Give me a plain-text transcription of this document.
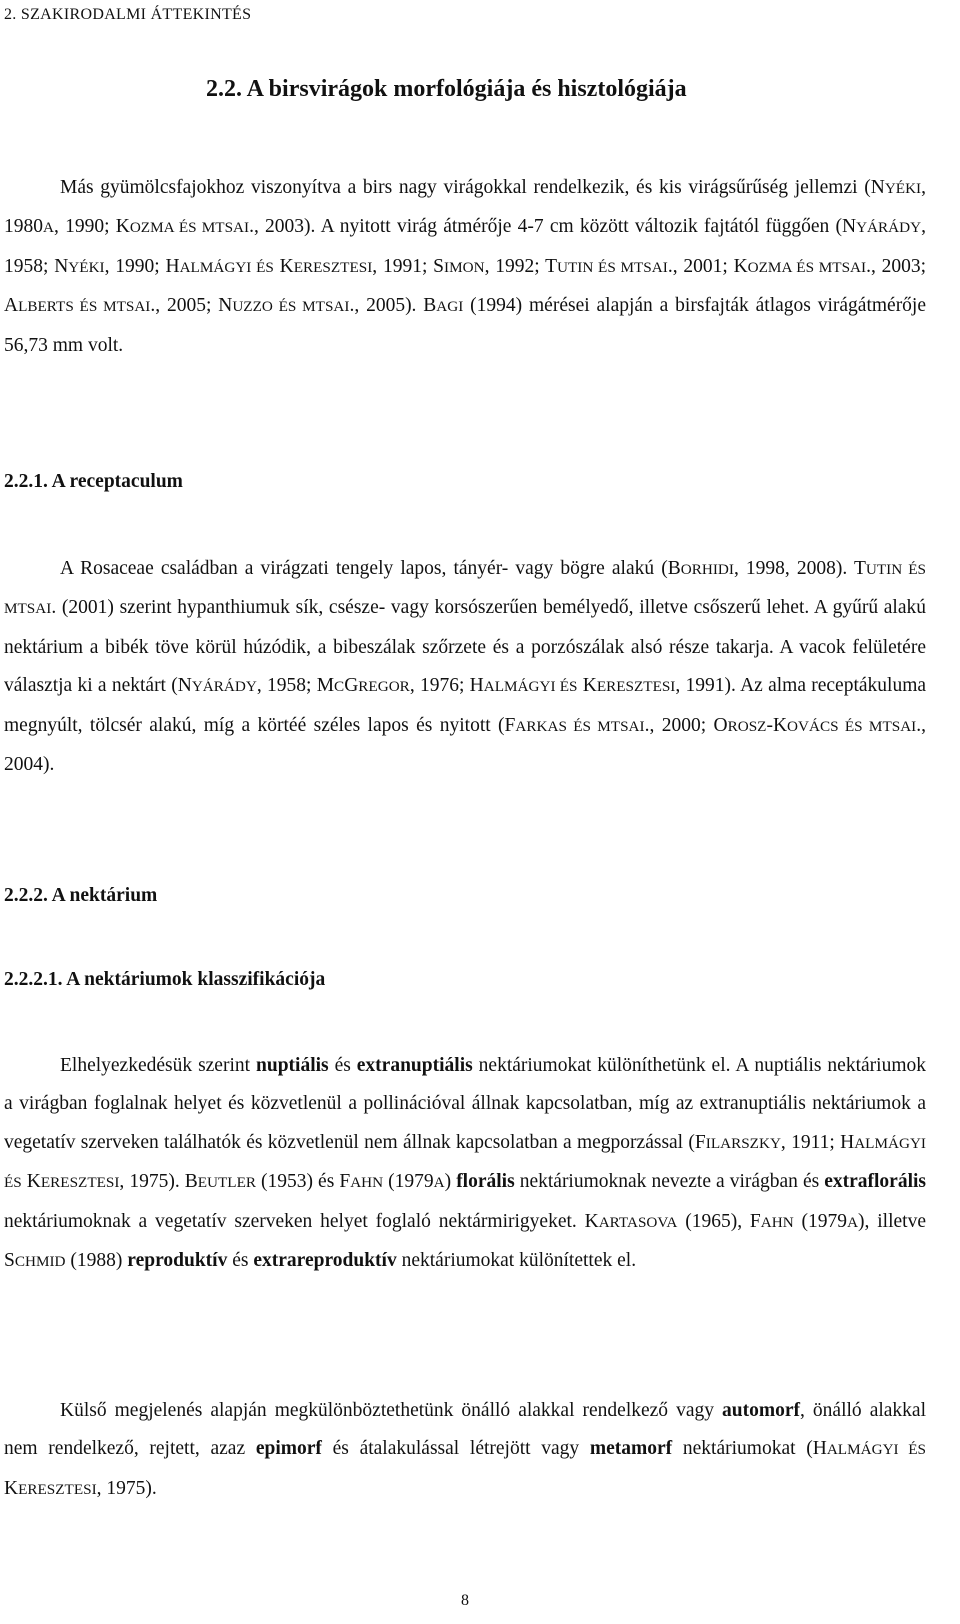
2. SZAKIRODALMI ÁTTEKINTÉS
2.2. A birsvirágok morfológiája és hisztológiája

Más gyümölcsfajokhoz viszonyítva a birs nagy virágokkal rendelkezik, és kis virágsűrűség jellemzi (NYÉKI, 1980A, 1990; KOZMA ÉS MTSAI., 2003). A nyitott virág átmérője 4-7 cm között változik fajtától függően (NYÁRÁDY, 1958; NYÉKI, 1990; HALMÁGYI ÉS KERESZTESI, 1991; SIMON, 1992; TUTIN ÉS MTSAI., 2001; KOZMA ÉS MTSAI., 2003; ALBERTS ÉS MTSAI., 2005; NUZZO ÉS MTSAI., 2005). BAGI (1994) mérései alapján a birsfajták átlagos virágátmérője 56,73 mm volt.

2.2.1. A receptaculum

A Rosaceae családban a virágzati tengely lapos, tányér- vagy bögre alakú (BORHIDI, 1998, 2008). TUTIN ÉS MTSAI. (2001) szerint hypanthiumuk sík, csésze- vagy korsószerűen bemélyedő, illetve csőszerű lehet. A gyűrű alakú nektárium a bibék töve körül húzódik, a bibeszálak szőrzete és a porzószálak alsó része takarja. A vacok felületére választja ki a nektárt (NYÁRÁDY, 1958; MCGREGOR, 1976; HALMÁGYI ÉS KERESZTESI, 1991). Az alma receptákuluma megnyúlt, tölcsér alakú, míg a körtéé széles lapos és nyitott (FARKAS ÉS MTSAI., 2000; OROSZ-KOVÁCS ÉS MTSAI., 2004).

2.2.2. A nektárium
2.2.2.1. A nektáriumok klasszifikációja

Elhelyezkedésük szerint nuptiális és extranuptiális nektáriumokat különíthetünk el. A nuptiális nektáriumok a virágban foglalnak helyet és közvetlenül a pollinációval állnak kapcsolatban, míg az extranuptiális nektáriumok a vegetatív szerveken találhatók és közvetlenül nem állnak kapcsolatban a megporzással (FILARSZKY, 1911; HALMÁGYI ÉS KERESZTESI, 1975). BEUTLER (1953) és FAHN (1979A) florális nektáriumoknak nevezte a virágban és extraflorális nektáriumoknak a vegetatív szerveken helyet foglaló nektármirigyeket. KARTASOVA (1965), FAHN (1979A), illetve SCHMID (1988) reproduktív és extrareproduktív nektáriumokat különítettek el.

Külső megjelenés alapján megkülönböztethetünk önálló alakkal rendelkező vagy automorf, önálló alakkal nem rendelkező, rejtett, azaz epimorf és átalakulással létrejött vagy metamorf nektáriumokat (HALMÁGYI ÉS KERESZTESI, 1975).

8
